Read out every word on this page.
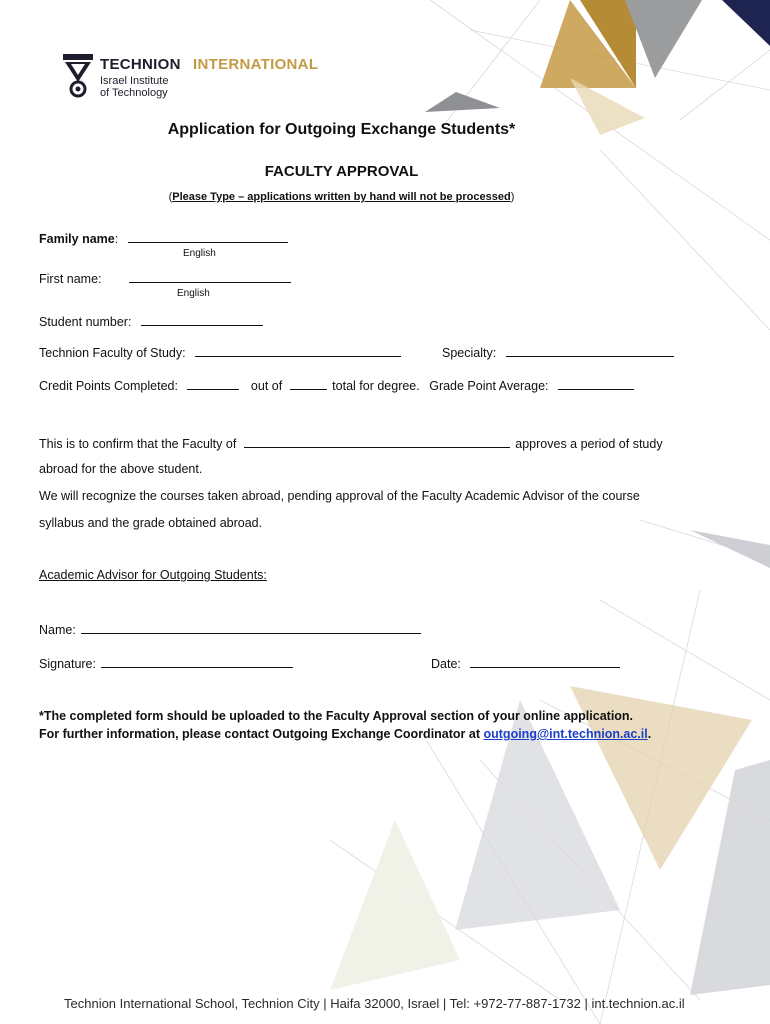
TECHNION INTERNATIONAL
Israel Institute
of Technology
Application for Outgoing Exchange Students*
FACULTY APPROVAL
(Please Type – applications written by hand will not be processed)
Family name:
English
First name:
English
Student number:
Technion Faculty of Study:	Specialty:
Credit Points Completed:	out of	total for degree. Grade Point Average:
This is to confirm that the Faculty of	approves a period of study
abroad for the above student.
We will recognize the courses taken abroad, pending approval of the Faculty Academic Advisor of the course
syllabus and the grade obtained abroad.
Academic Advisor for Outgoing Students:
Name:
Signature:	Date:
*The completed form should be uploaded to the Faculty Approval section of your online application.
For further information, please contact Outgoing Exchange Coordinator at outgoing@int.technion.ac.il.
Technion International School, Technion City | Haifa 32000, Israel | Tel: +972-77-887-1732 | int.technion.ac.il
